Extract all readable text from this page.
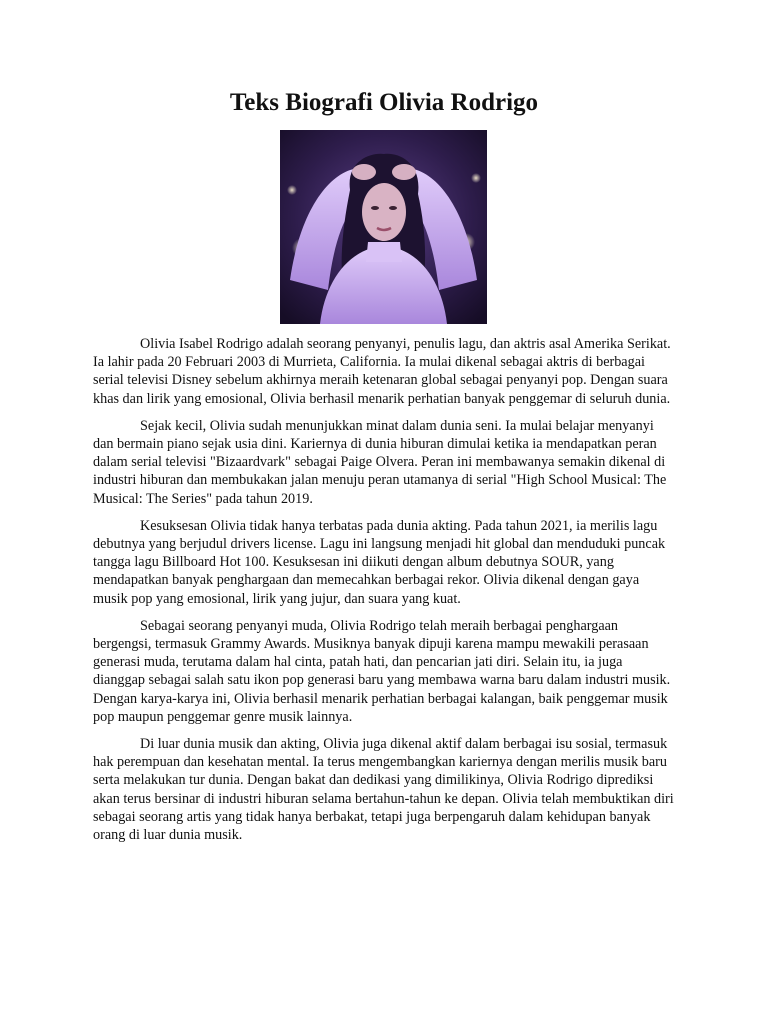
Teks Biografi Olivia Rodrigo

Olivia Isabel Rodrigo adalah seorang penyanyi, penulis lagu, dan aktris asal Amerika Serikat. Ia lahir pada 20 Februari 2003 di Murrieta, California. Ia mulai dikenal sebagai aktris di berbagai serial televisi Disney sebelum akhirnya meraih ketenaran global sebagai penyanyi pop. Dengan suara khas dan lirik yang emosional, Olivia berhasil menarik perhatian banyak penggemar di seluruh dunia.

Sejak kecil, Olivia sudah menunjukkan minat dalam dunia seni. Ia mulai belajar menyanyi dan bermain piano sejak usia dini. Kariernya di dunia hiburan dimulai ketika ia mendapatkan peran dalam serial televisi "Bizaardvark" sebagai Paige Olvera. Peran ini membawanya semakin dikenal di industri hiburan dan membukakan jalan menuju peran utamanya di serial "High School Musical: The Musical: The Series" pada tahun 2019.

Kesuksesan Olivia tidak hanya terbatas pada dunia akting. Pada tahun 2021, ia merilis lagu debutnya yang berjudul drivers license. Lagu ini langsung menjadi hit global dan menduduki puncak tangga lagu Billboard Hot 100. Kesuksesan ini diikuti dengan album debutnya SOUR, yang mendapatkan banyak penghargaan dan memecahkan berbagai rekor. Olivia dikenal dengan gaya musik pop yang emosional, lirik yang jujur, dan suara yang kuat.

Sebagai seorang penyanyi muda, Olivia Rodrigo telah meraih berbagai penghargaan bergengsi, termasuk Grammy Awards. Musiknya banyak dipuji karena mampu mewakili perasaan generasi muda, terutama dalam hal cinta, patah hati, dan pencarian jati diri. Selain itu, ia juga dianggap sebagai salah satu ikon pop generasi baru yang membawa warna baru dalam industri musik. Dengan karya-karya ini, Olivia berhasil menarik perhatian berbagai kalangan, baik penggemar musik pop maupun penggemar genre musik lainnya.

Di luar dunia musik dan akting, Olivia juga dikenal aktif dalam berbagai isu sosial, termasuk hak perempuan dan kesehatan mental. Ia terus mengembangkan kariernya dengan merilis musik baru serta melakukan tur dunia. Dengan bakat dan dedikasi yang dimilikinya, Olivia Rodrigo diprediksi akan terus bersinar di industri hiburan selama bertahun-tahun ke depan. Olivia telah membuktikan diri sebagai seorang artis yang tidak hanya berbakat, tetapi juga berpengaruh dalam kehidupan banyak orang di luar dunia musik.
